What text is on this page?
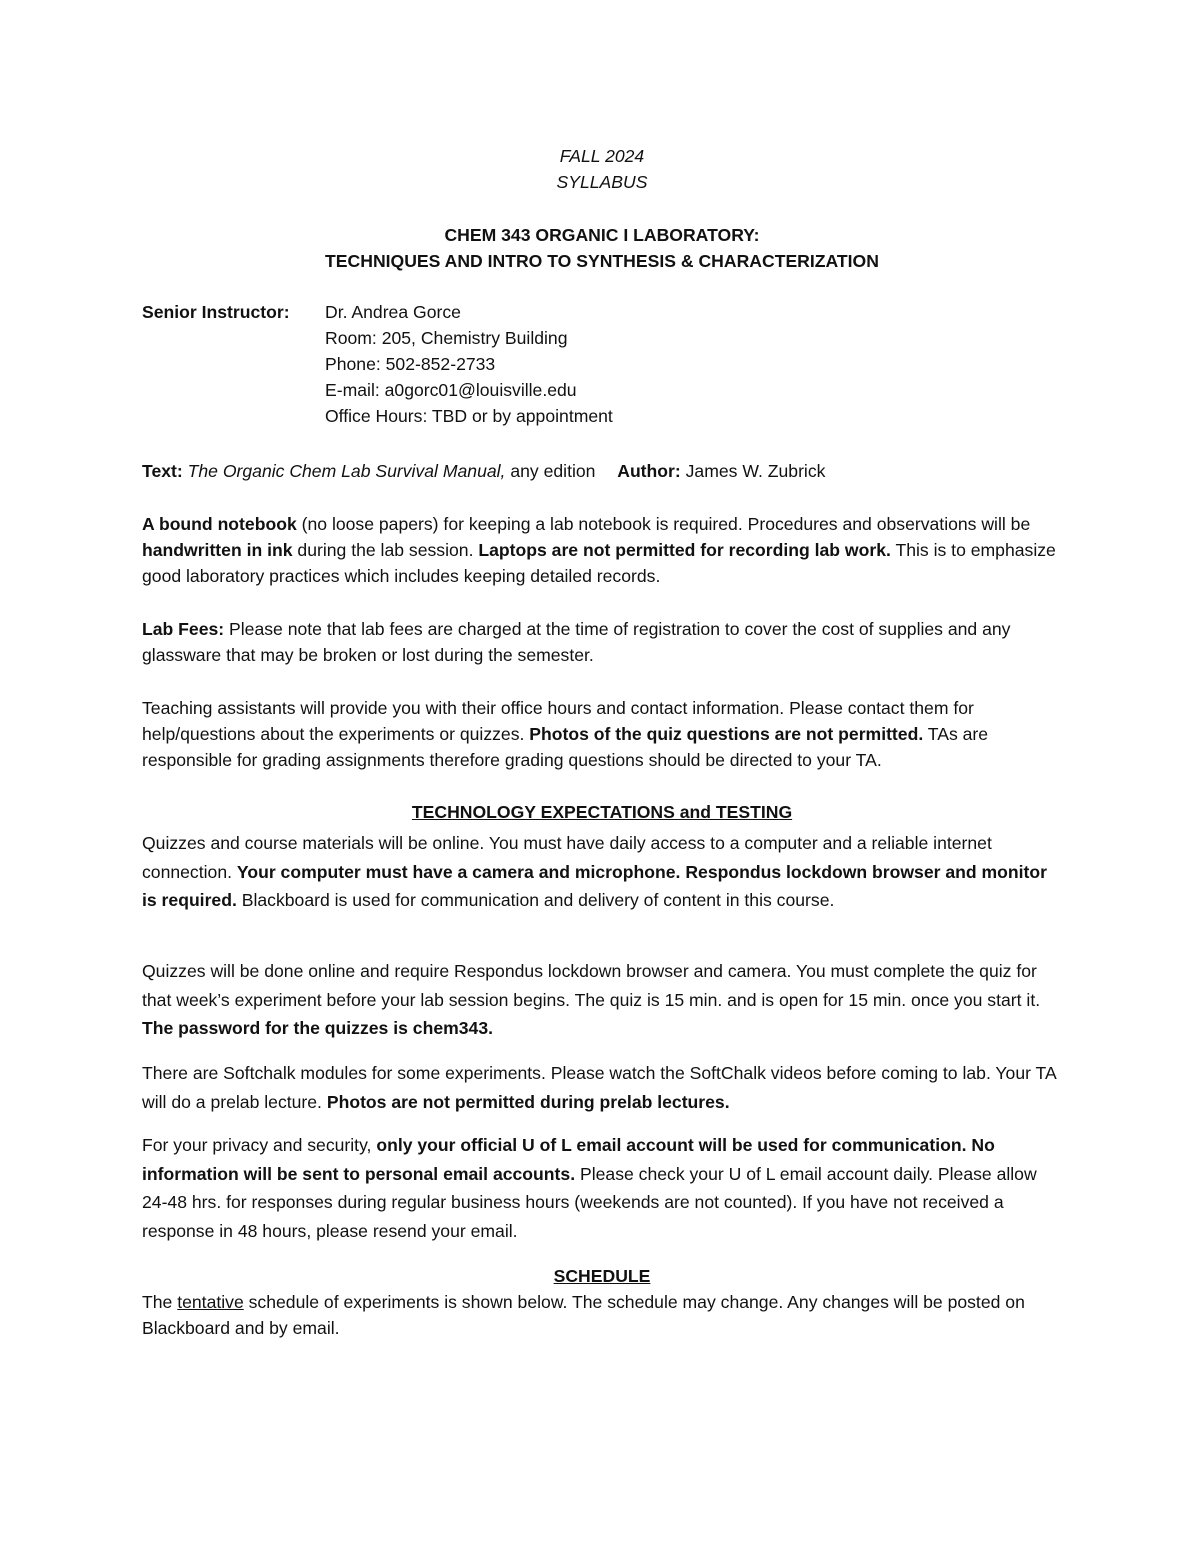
FALL 2024
SYLLABUS
CHEM 343 ORGANIC I LABORATORY:
TECHNIQUES AND INTRO TO SYNTHESIS & CHARACTERIZATION
Senior Instructor:	Dr. Andrea Gorce
Room: 205, Chemistry Building
Phone: 502-852-2733
E-mail: a0gorc01@louisville.edu
Office Hours: TBD or by appointment
Text: The Organic Chem Lab Survival Manual, any edition Author: James W. Zubrick

A bound notebook (no loose papers) for keeping a lab notebook is required. Procedures and observations will be handwritten in ink during the lab session. Laptops are not permitted for recording lab work. This is to emphasize good laboratory practices which includes keeping detailed records.

Lab Fees: Please note that lab fees are charged at the time of registration to cover the cost of supplies and any glassware that may be broken or lost during the semester.

Teaching assistants will provide you with their office hours and contact information. Please contact them for help/questions about the experiments or quizzes. Photos of the quiz questions are not permitted. TAs are responsible for grading assignments therefore grading questions should be directed to your TA.

TECHNOLOGY EXPECTATIONS and TESTING

Quizzes and course materials will be online. You must have daily access to a computer and a reliable internet connection. Your computer must have a camera and microphone. Respondus lockdown browser and monitor is required. Blackboard is used for communication and delivery of content in this course.

Quizzes will be done online and require Respondus lockdown browser and camera. You must complete the quiz for that week’s experiment before your lab session begins. The quiz is 15 min. and is open for 15 min. once you start it. The password for the quizzes is chem343.

There are Softchalk modules for some experiments. Please watch the SoftChalk videos before coming to lab. Your TA will do a prelab lecture. Photos are not permitted during prelab lectures.

For your privacy and security, only your official U of L email account will be used for communication. No information will be sent to personal email accounts. Please check your U of L email account daily. Please allow 24-48 hrs. for responses during regular business hours (weekends are not counted). If you have not received a response in 48 hours, please resend your email.

SCHEDULE

The tentative schedule of experiments is shown below. The schedule may change. Any changes will be posted on Blackboard and by email.
